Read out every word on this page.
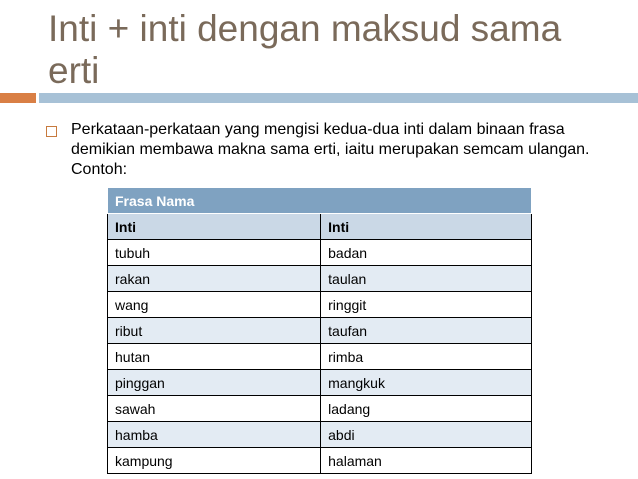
Inti + inti dengan maksud sama erti
Perkataan-perkataan yang mengisi kedua-dua inti dalam binaan frasa demikian membawa makna sama erti, iaitu merupakan semcam ulangan. Contoh:
Frasa Nama	
Inti	Inti
tubuh	badan
rakan	taulan
wang	ringgit
ribut	taufan
hutan	rimba
pinggan	mangkuk
sawah	ladang
hamba	abdi
kampung	halaman
